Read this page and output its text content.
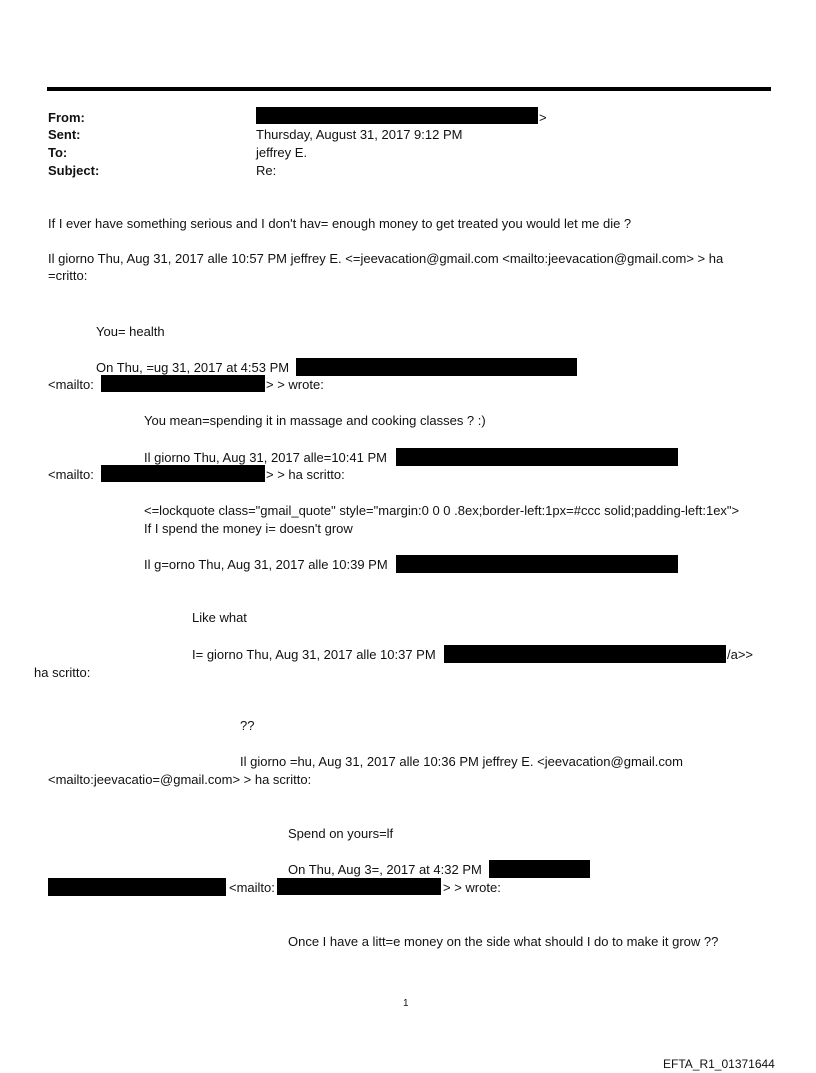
From:	>
Sent:	Thursday, August 31, 2017 9:12 PM
To:	jeffrey E.
Subject:	Re:
If I ever have something serious and I don't hav= enough money to get treated you would let me die ?
Il giorno Thu, Aug 31, 2017 alle 10:57 PM jeffrey E. <=jeevacation@gmail.com <mailto:jeevacation@gmail.com> > ha
=critto:
You= health
On Thu, =ug 31, 2017 at 4:53 PM
<mailto:	> > wrote:
You mean=spending it in massage and cooking classes ? :)
Il giorno Thu, Aug 31, 2017 alle=10:41 PM
<mailto:	> > ha scritto:
<=lockquote class="gmail_quote" style="margin:0 0 0 .8ex;border-left:1px=#ccc solid;padding-left:1ex">
If I spend the money i= doesn't grow
Il g=orno Thu, Aug 31, 2017 alle 10:39 PM
Like what
I= giorno Thu, Aug 31, 2017 alle 10:37 PM	/a>>
ha scritto:
??
Il giorno =hu, Aug 31, 2017 alle 10:36 PM jeffrey E. <jeevacation@gmail.com
<mailto:jeevacatio=@gmail.com> > ha scritto:
Spend on yours=lf
On Thu, Aug 3=, 2017 at 4:32 PM
<mailto:	> > wrote:
Once I have a litt=e money on the side what should I do to make it grow ??
1
EFTA_R1_01371644
